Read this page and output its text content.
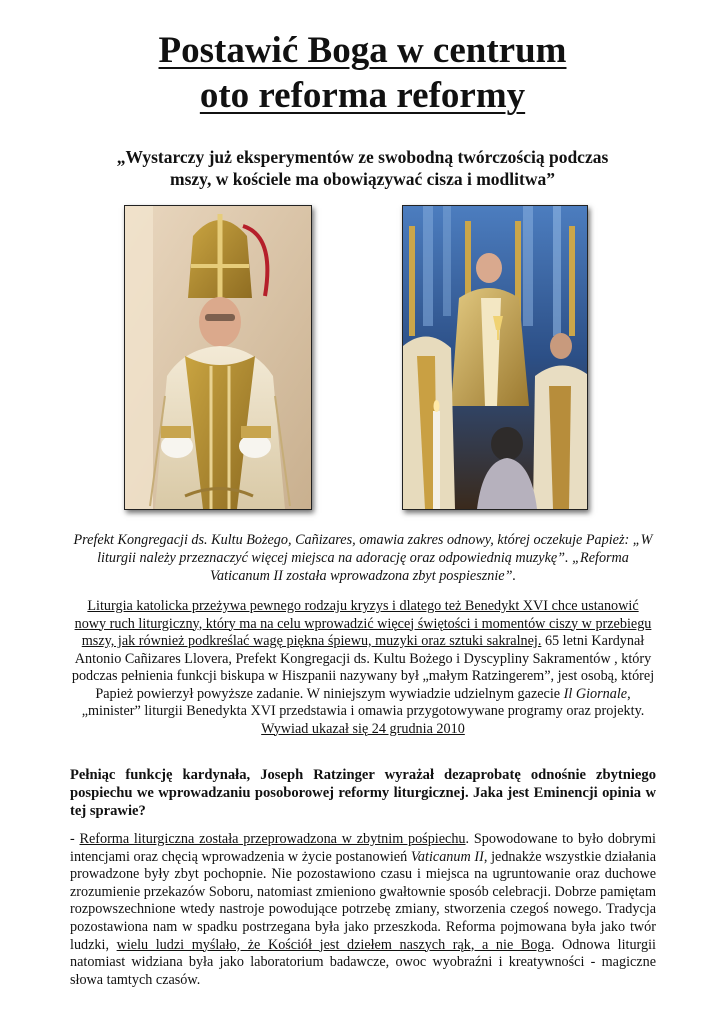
Postawić Boga w centrum
oto reforma reformy
„Wystarczy już eksperymentów ze swobodną twórczością podczas
mszy, w kościele ma obowiązywać cisza i modlitwa”
Prefekt Kongregacji ds. Kultu Bożego, Cañizares, omawia zakres odnowy, której oczekuje Papież: „W liturgii należy przeznaczyć więcej miejsca na adorację oraz odpowiednią muzykę”. „Reforma Vaticanum II została wprowadzona zbyt pospiesznie”.
Liturgia katolicka przeżywa pewnego rodzaju kryzys i dlatego też Benedykt XVI chce ustanowić nowy ruch liturgiczny, który ma na celu wprowadzić więcej świętości i momentów ciszy w przebiegu mszy, jak również podkreślać wagę piękna śpiewu, muzyki oraz sztuki sakralnej. 65 letni Kardynał Antonio Cañizares Llovera, Prefekt Kongregacji ds. Kultu Bożego i Dyscypliny Sakramentów , który podczas pełnienia funkcji biskupa w Hiszpanii nazywany był „małym Ratzingerem”, jest osobą, której Papież powierzył powyższe zadanie. W niniejszym wywiadzie udzielnym gazecie Il Giornale, „minister” liturgii Benedykta XVI przedstawia i omawia przygotowywane programy oraz projekty.
Wywiad ukazał się 24 grudnia 2010
Pełniąc funkcję kardynała, Joseph Ratzinger wyrażał dezaprobatę odnośnie zbytniego pospiechu we wprowadzaniu posoborowej reformy liturgicznej. Jaka jest Eminencji opinia w tej sprawie?
- Reforma liturgiczna została przeprowadzona w zbytnim pośpiechu. Spowodowane to było dobrymi intencjami oraz chęcią wprowadzenia w życie postanowień Vaticanum II, jednakże wszystkie działania prowadzone były zbyt pochopnie. Nie pozostawiono czasu i miejsca na ugruntowanie oraz duchowe zrozumienie przekazów Soboru, natomiast zmieniono gwałtownie sposób celebracji. Dobrze pamiętam rozpowszechnione wtedy nastroje powodujące potrzebę zmiany, stworzenia czegoś nowego. Tradycja pozostawiona nam w spadku postrzegana była jako przeszkoda. Reforma pojmowana była jako twór ludzki, wielu ludzi myślało, że Kościół jest dziełem naszych rąk, a nie Boga. Odnowa liturgii natomiast widziana była jako laboratorium badawcze, owoc wyobraźni i kreatywności - magiczne słowa tamtych czasów.
